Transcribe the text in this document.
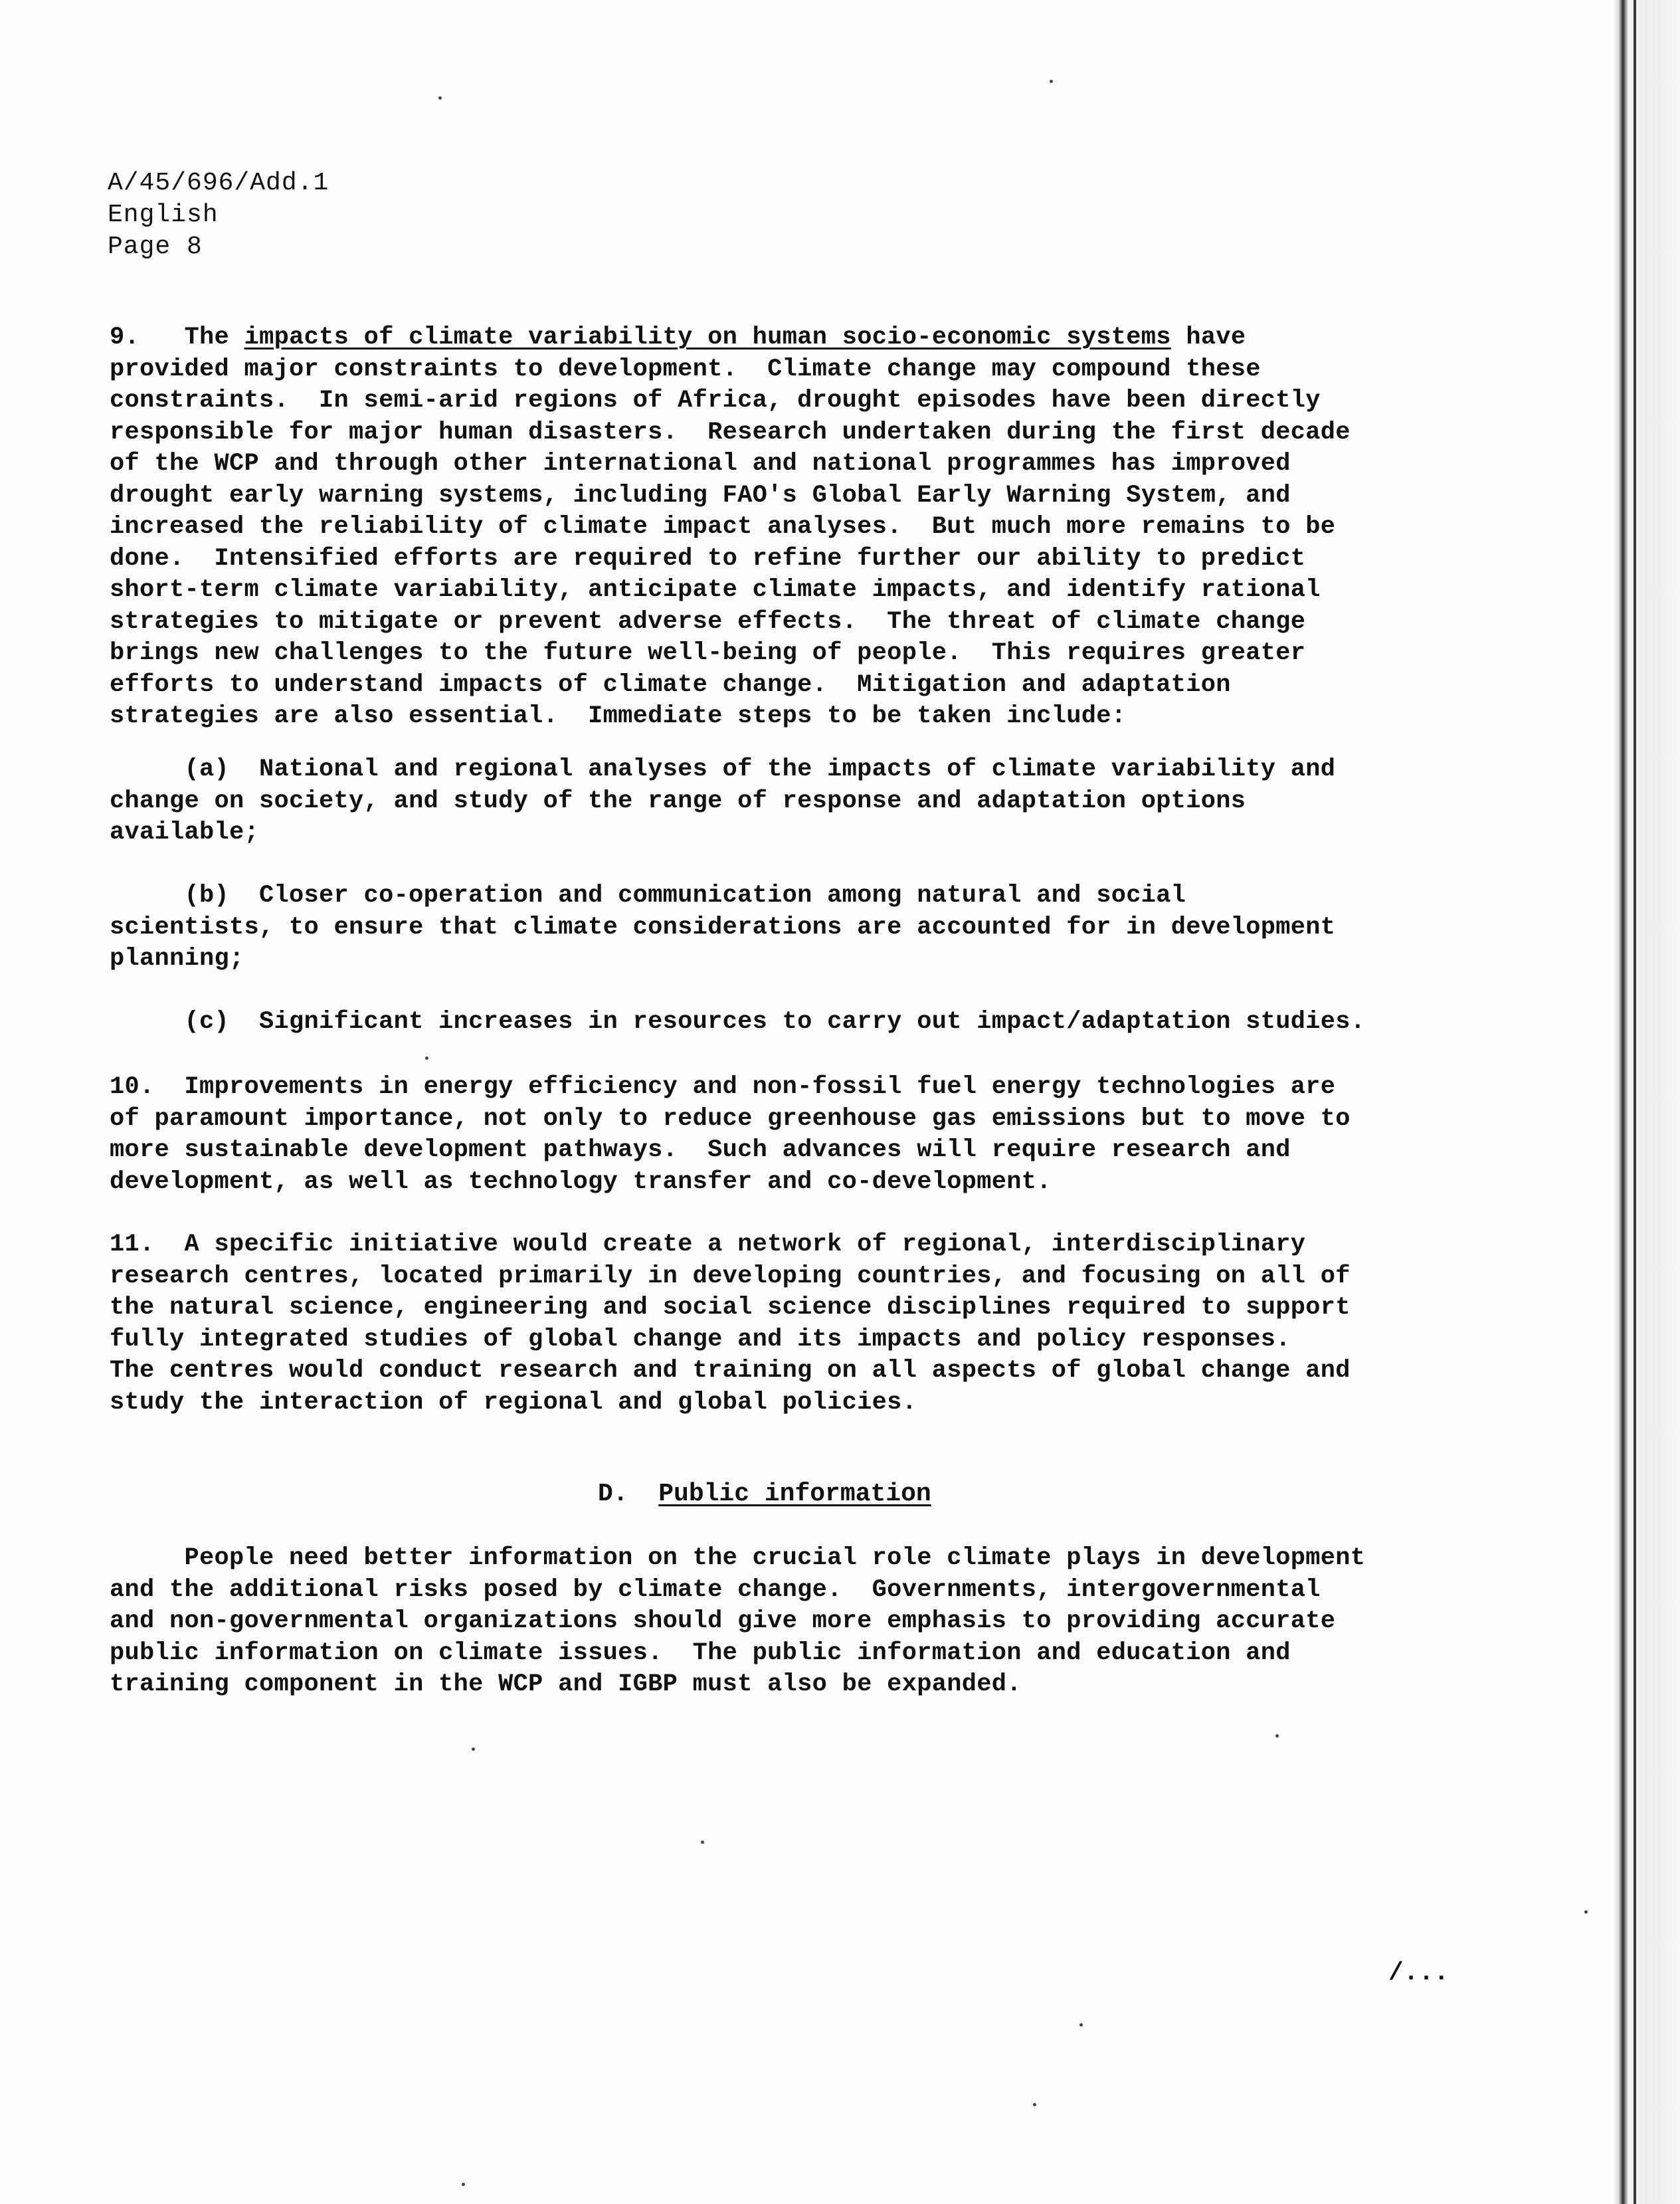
A/45/696/Add.1
English
Page 8
9. The impacts of climate variability on human socio-economic systems have
provided major constraints to development.  Climate change may compound these
constraints.  In semi-arid regions of Africa, drought episodes have been directly
responsible for major human disasters.  Research undertaken during the first decade
of the WCP and through other international and national programmes has improved
drought early warning systems, including FAO's Global Early Warning System, and
increased the reliability of climate impact analyses.  But much more remains to be
done.  Intensified efforts are required to refine further our ability to predict
short-term climate variability, anticipate climate impacts, and identify rational
strategies to mitigate or prevent adverse effects.  The threat of climate change
brings new challenges to the future well-being of people.  This requires greater
efforts to understand impacts of climate change.  Mitigation and adaptation
strategies are also essential.  Immediate steps to be taken include:
(a)  National and regional analyses of the impacts of climate variability and
change on society, and study of the range of response and adaptation options
available;
(b)  Closer co-operation and communication among natural and social
scientists, to ensure that climate considerations are accounted for in development
planning;
(c)  Significant increases in resources to carry out impact/adaptation studies.
10.  Improvements in energy efficiency and non-fossil fuel energy technologies are
of paramount importance, not only to reduce greenhouse gas emissions but to move to
more sustainable development pathways.  Such advances will require research and
development, as well as technology transfer and co-development.
11.  A specific initiative would create a network of regional, interdisciplinary
research centres, located primarily in developing countries, and focusing on all of
the natural science, engineering and social science disciplines required to support
fully integrated studies of global change and its impacts and policy responses.
The centres would conduct research and training on all aspects of global change and
study the interaction of regional and global policies.
D. Public information
People need better information on the crucial role climate plays in development
and the additional risks posed by climate change.  Governments, intergovernmental
and non-governmental organizations should give more emphasis to providing accurate
public information on climate issues.  The public information and education and
training component in the WCP and IGBP must also be expanded.
/...
